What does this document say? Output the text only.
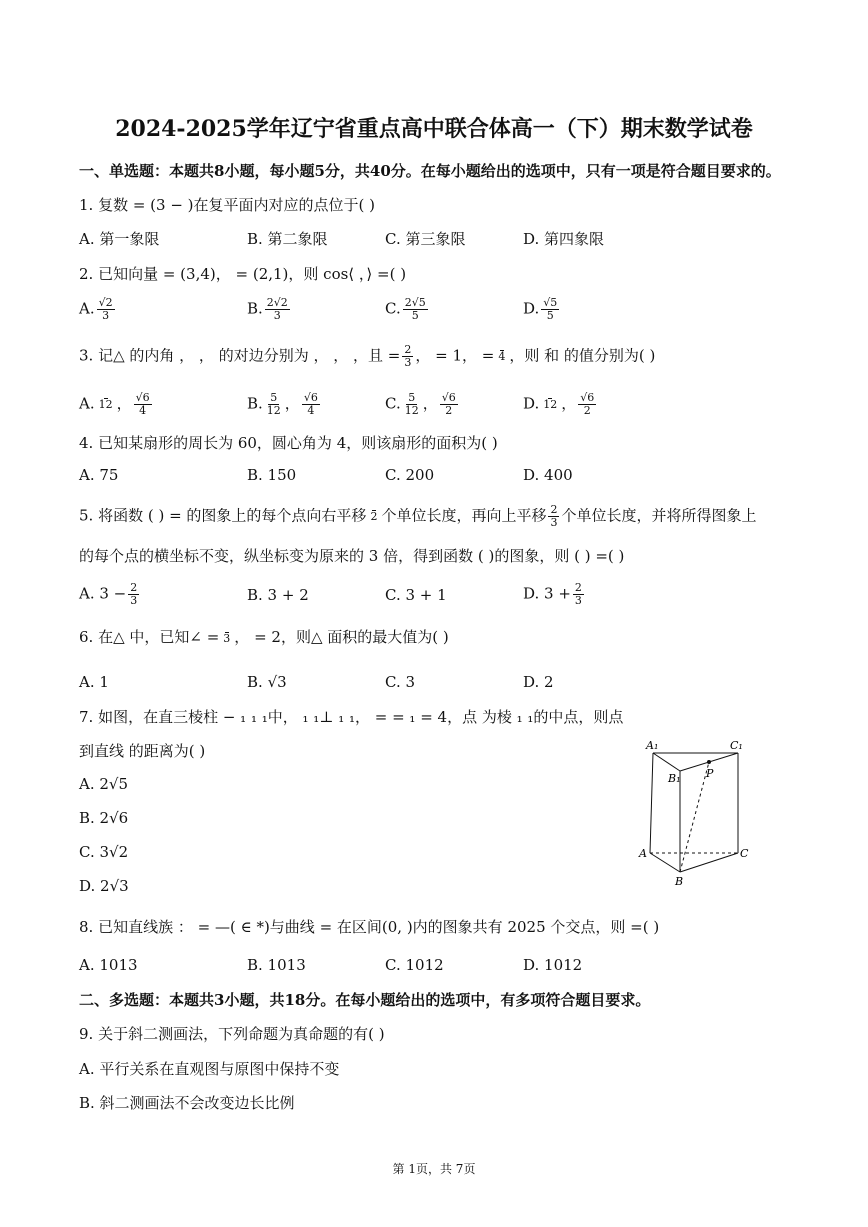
2024-2025学年辽宁省重点高中联合体高一（下）期末数学试卷
一、单选题：本题共8小题，每小题5分，共40分。在每小题给出的选项中，只有一项是符合题目要求的。
1. 复数 = (3 − )在复平面内对应的点位于( )
A. 第一象限	B. 第二象限	C. 第三象限	D. 第四象限
2. 已知向量 = (3,4)， = (2,1)，则 cos⟨ ，⟩ =( )
A. $\frac{√2}{3}$	B. $\frac{2√2}{3}$	C. $\frac{2√5}{5}$	D. $\frac{√5}{5}$
3. 记△ 的内角 ， ， 的对边分别为 ， ， ，且 = $\frac{2}{3}$ ， = 1， = 4 ，则 和 的值分别为( )
A. 12 ， $\frac{√6}{4}$	B. $\frac{5}{12}$ ， $\frac{√6}{4}$	C. $\frac{5}{12}$ ， $\frac{√6}{2}$	D. 12 ， $\frac{√6}{2}$
4. 已知某扇形的周长为 60，圆心角为 4，则该扇形的面积为( )
A. 75	B. 150	C. 200	D. 400
5. 将函数 ( ) = 的图象上的每个点向右平移 2 个单位长度，再向上平移 $\frac{2}{3}$ 个单位长度，并将所得图象上
的每个点的横坐标不变，纵坐标变为原来的 3 倍，得到函数 ( )的图象，则 ( ) =( )
A. $3 - \frac{2}{3}$	B. 3 + 2	C. 3 + 1	D. $3 + \frac{2}{3}$
6. 在△ 中，已知∠ = 3 ， = 2，则△ 面积的最大值为( )
A. 1	B. √3	C. 3	D. 2
7. 如图，在直三棱柱 − ₁ ₁ ₁中， ₁ ₁⊥ ₁ ₁， = = ₁ = 4，点 为棱 ₁ ₁的中点，则点
到直线 的距离为( )
A. 2√5
B. 2√6
C. 3√2
D. 2√3
A₁	C₁
B₁ P
A	C
B
8. 已知直线族 ： = —( ∈ *)与曲线 = 在区间(0, )内的图象共有 2025 个交点，则 =( )
A. 1013	B. 1013	C. 1012	D. 1012
二、多选题：本题共3小题，共18分。在每小题给出的选项中，有多项符合题目要求。
9. 关于斜二测画法，下列命题为真命题的有( )
A. 平行关系在直观图与原图中保持不变
B. 斜二测画法不会改变边长比例
第 1页，共 7页
